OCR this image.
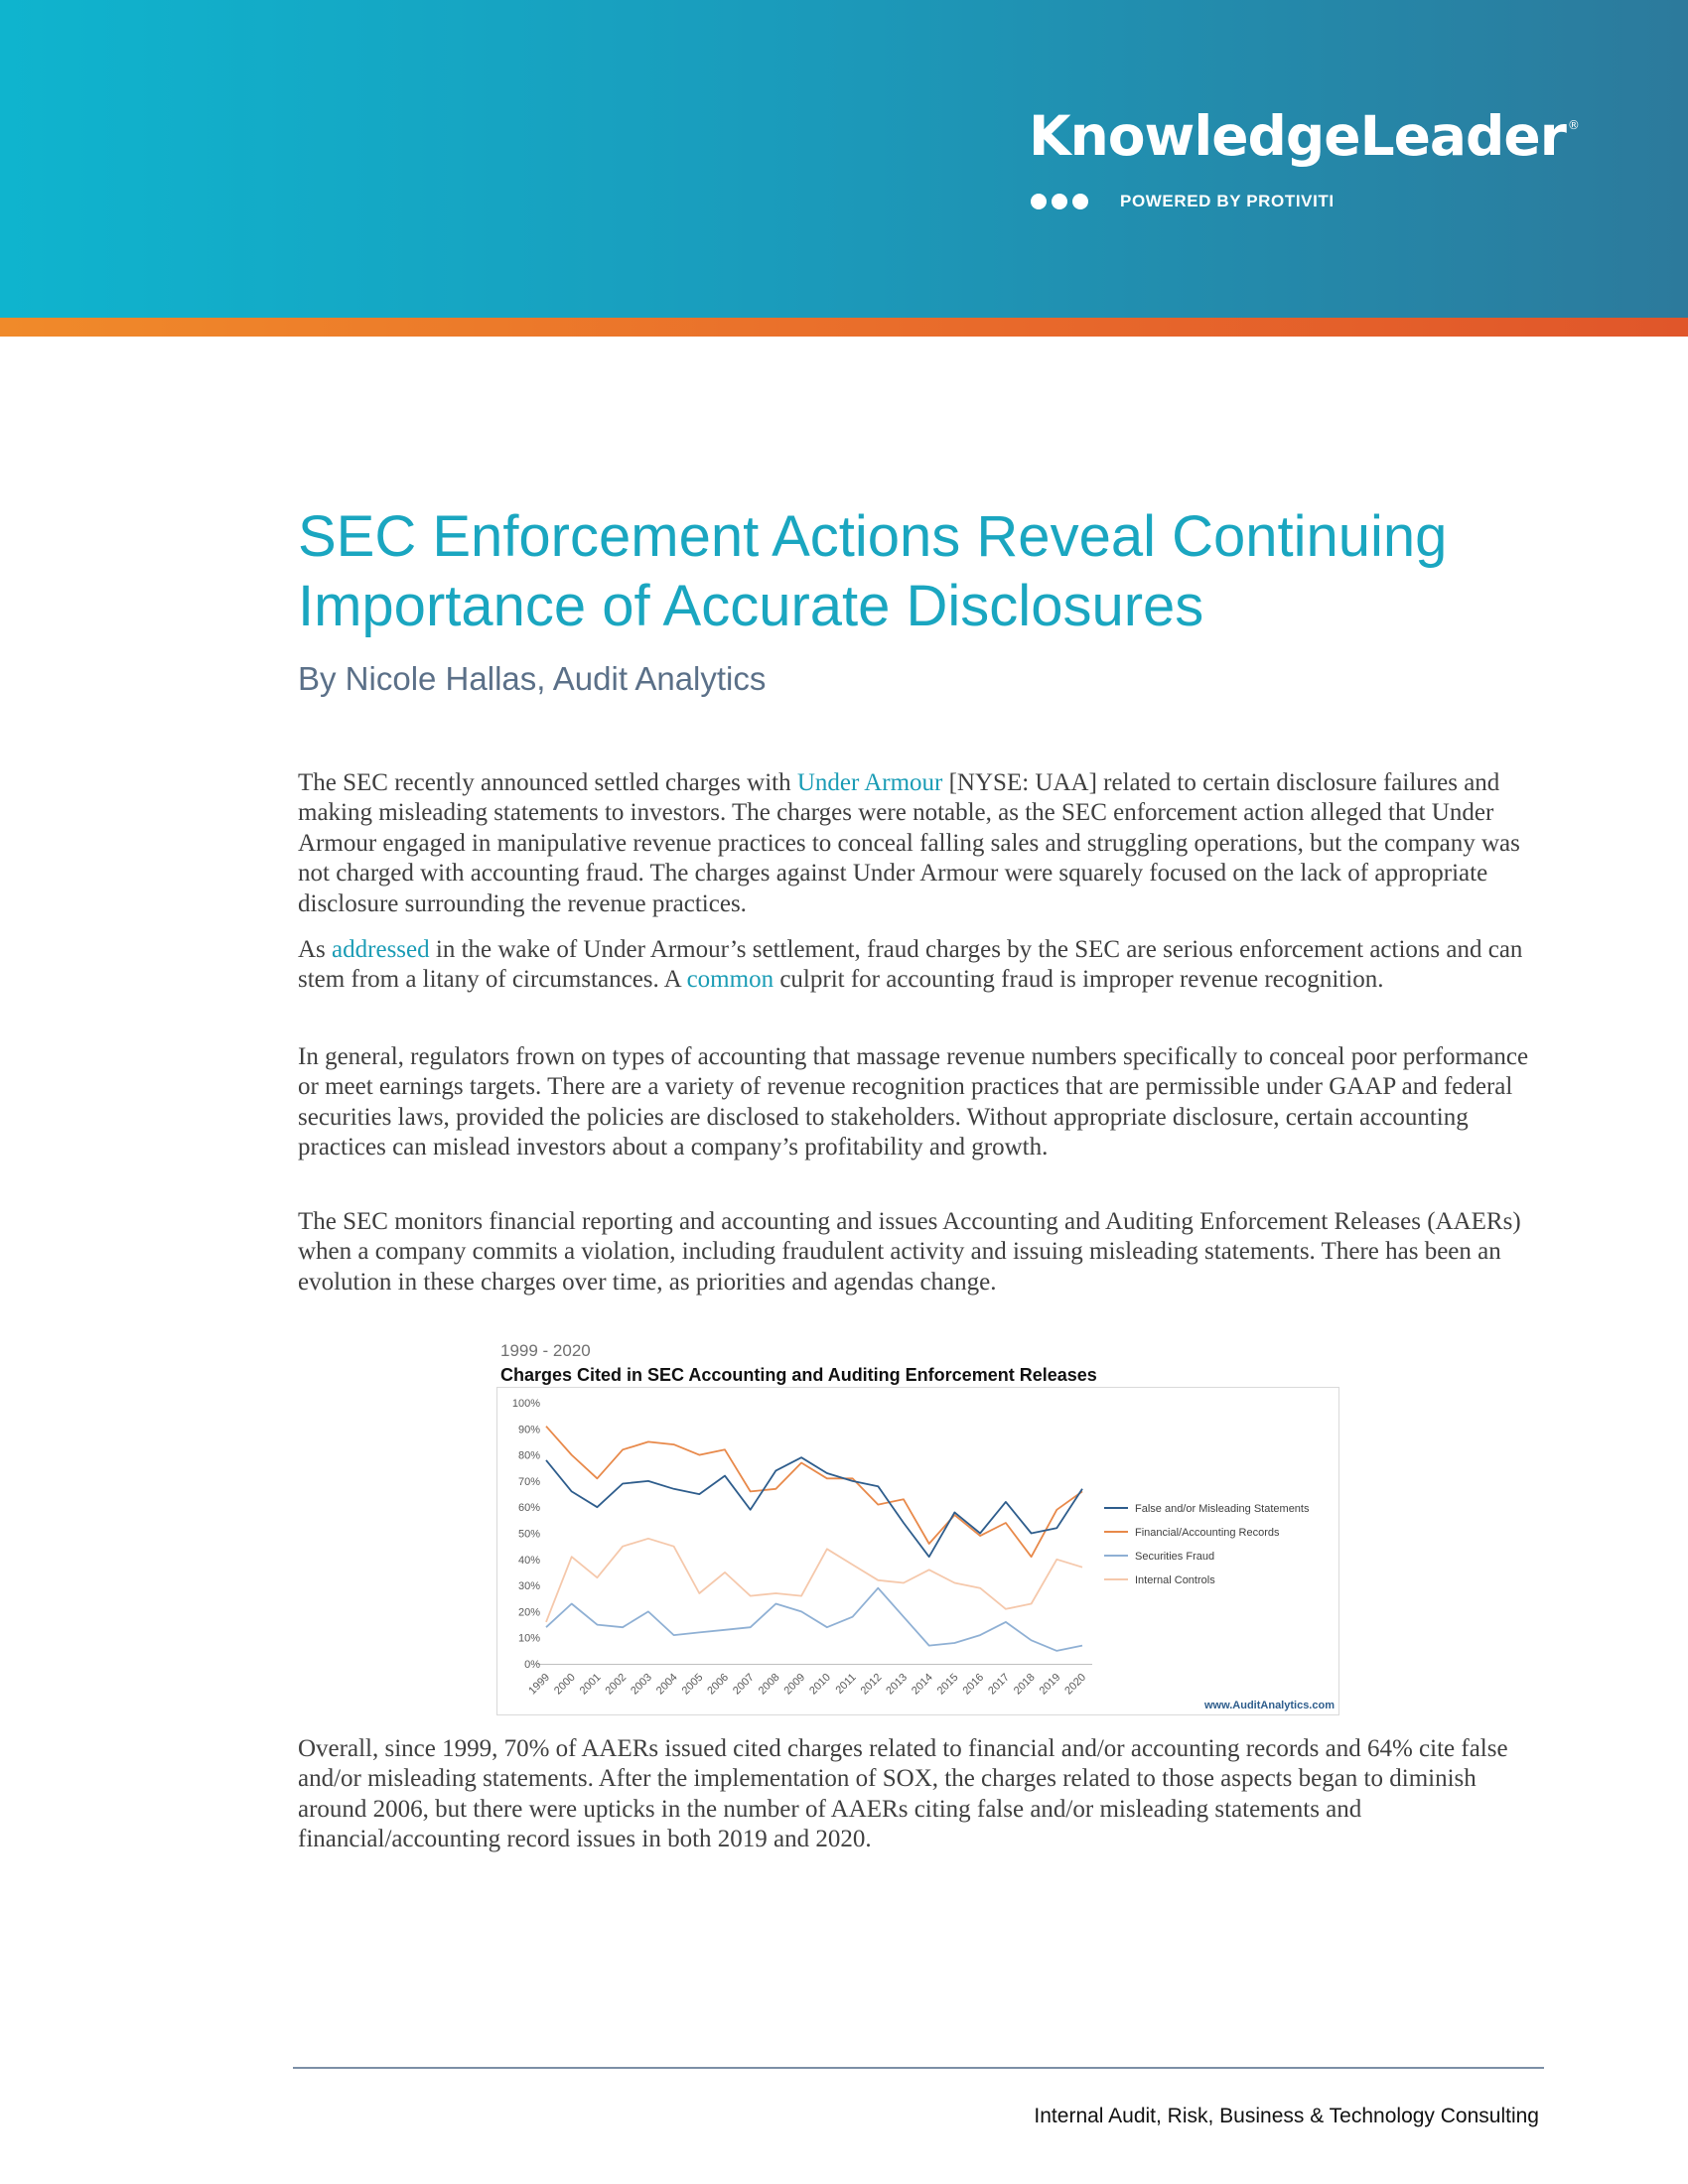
KnowledgeLeader ®
POWERED BY PROTIVITI
SEC Enforcement Actions Reveal Continuing Importance of Accurate Disclosures
By Nicole Hallas, Audit Analytics

The SEC recently announced settled charges with Under Armour [NYSE: UAA] related to certain disclosure failures and making misleading statements to investors. The charges were notable, as the SEC enforcement action alleged that Under Armour engaged in manipulative revenue practices to conceal falling sales and struggling operations, but the company was not charged with accounting fraud. The charges against Under Armour were squarely focused on the lack of appropriate disclosure surrounding the revenue practices.

As addressed in the wake of Under Armour’s settlement, fraud charges by the SEC are serious enforcement actions and can stem from a litany of circumstances. A common culprit for accounting fraud is improper revenue recognition.

In general, regulators frown on types of accounting that massage revenue numbers specifically to conceal poor performance or meet earnings targets. There are a variety of revenue recognition practices that are permissible under GAAP and federal securities laws, provided the policies are disclosed to stakeholders. Without appropriate disclosure, certain accounting practices can mislead investors about a company’s profitability and growth.

The SEC monitors financial reporting and accounting and issues Accounting and Auditing Enforcement Releases (AAERs) when a company commits a violation, including fraudulent activity and issuing misleading statements. There has been an evolution in these charges over time, as priorities and agendas change.

1999 - 2020
Charges Cited in SEC Accounting and Auditing Enforcement Releases
0%
10%
20%
30%
40%
50%
60%
70%
80%
90%
100%
1999 2000 2001 2002 2003 2004 2005 2006 2007 2008 2009 2010 2011 2012 2013 2014 2015 2016 2017 2018 2019 2020
False and/or Misleading Statements
Financial/Accounting Records
Securities Fraud
Internal Controls
www.AuditAnalytics.com

Overall, since 1999, 70% of AAERs issued cited charges related to financial and/or accounting records and 64% cite false and/or misleading statements. After the implementation of SOX, the charges related to those aspects began to diminish around 2006, but there were upticks in the number of AAERs citing false and/or misleading statements and financial/accounting record issues in both 2019 and 2020.

Internal Audit, Risk, Business & Technology Consulting
